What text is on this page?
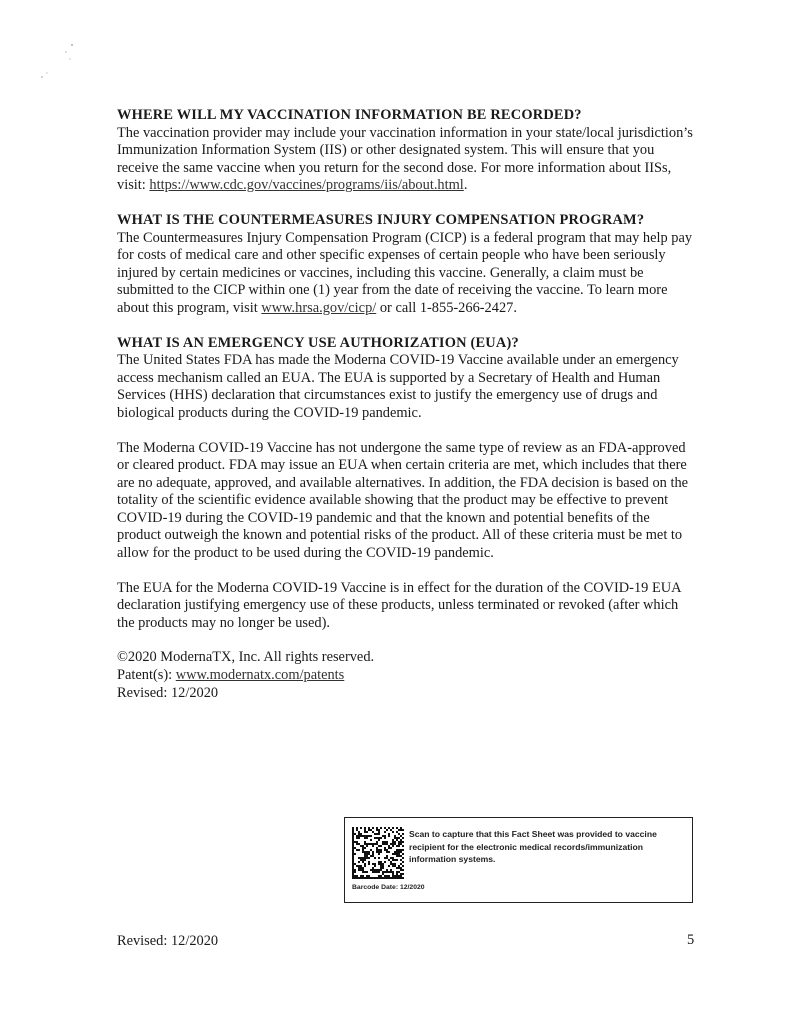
WHERE WILL MY VACCINATION INFORMATION BE RECORDED?

The vaccination provider may include your vaccination information in your state/local jurisdiction’s Immunization Information System (IIS) or other designated system. This will ensure that you receive the same vaccine when you return for the second dose. For more information about IISs, visit: https://www.cdc.gov/vaccines/programs/iis/about.html.

WHAT IS THE COUNTERMEASURES INJURY COMPENSATION PROGRAM?

The Countermeasures Injury Compensation Program (CICP) is a federal program that may help pay for costs of medical care and other specific expenses of certain people who have been seriously injured by certain medicines or vaccines, including this vaccine. Generally, a claim must be submitted to the CICP within one (1) year from the date of receiving the vaccine. To learn more about this program, visit www.hrsa.gov/cicp/ or call 1-855-266-2427.

WHAT IS AN EMERGENCY USE AUTHORIZATION (EUA)?

The United States FDA has made the Moderna COVID-19 Vaccine available under an emergency access mechanism called an EUA. The EUA is supported by a Secretary of Health and Human Services (HHS) declaration that circumstances exist to justify the emergency use of drugs and biological products during the COVID-19 pandemic.

The Moderna COVID-19 Vaccine has not undergone the same type of review as an FDA-approved or cleared product. FDA may issue an EUA when certain criteria are met, which includes that there are no adequate, approved, and available alternatives. In addition, the FDA decision is based on the totality of the scientific evidence available showing that the product may be effective to prevent COVID-19 during the COVID-19 pandemic and that the known and potential benefits of the product outweigh the known and potential risks of the product. All of these criteria must be met to allow for the product to be used during the COVID-19 pandemic.

The EUA for the Moderna COVID-19 Vaccine is in effect for the duration of the COVID-19 EUA declaration justifying emergency use of these products, unless terminated or revoked (after which the products may no longer be used).

©2020 ModernaTX, Inc. All rights reserved.
Patent(s): www.modernatx.com/patents
Revised: 12/2020
Scan to capture that this Fact Sheet was provided to vaccine recipient for the electronic medical records/immunization information systems.
Barcode Date: 12/2020
Revised: 12/2020	5
